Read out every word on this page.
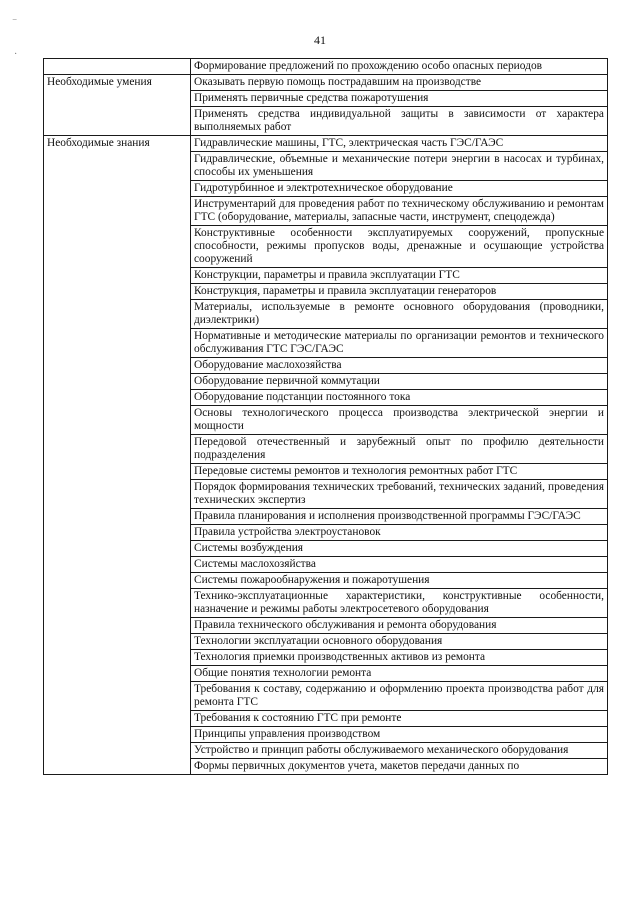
⁻
·
41
	Формирование предложений по прохождению особо опасных периодов
Необходимые умения	Оказывать первую помощь пострадавшим на производстве
	Применять первичные средства пожаротушения
	Применять средства индивидуальной защиты в зависимости от характера выполняемых работ
Необходимые знания	Гидравлические машины, ГТС, электрическая часть ГЭС/ГАЭС
	Гидравлические, объемные и механические потери энергии в насосах и турбинах, способы их уменьшения
	Гидротурбинное и электротехническое оборудование
	Инструментарий для проведения работ по техническому обслуживанию и ремонтам ГТС (оборудование, материалы, запасные части, инструмент, спецодежда)
	Конструктивные особенности эксплуатируемых сооружений, пропускные способности, режимы пропусков воды, дренажные и осушающие устройства сооружений
	Конструкции, параметры и правила эксплуатации ГТС
	Конструкция, параметры и правила эксплуатации генераторов
	Материалы, используемые в ремонте основного оборудования (проводники, диэлектрики)
	Нормативные и методические материалы по организации ремонтов и технического обслуживания ГТС ГЭС/ГАЭС
	Оборудование маслохозяйства
	Оборудование первичной коммутации
	Оборудование подстанции постоянного тока
	Основы технологического процесса производства электрической энергии и мощности
	Передовой отечественный и зарубежный опыт по профилю деятельности подразделения
	Передовые системы ремонтов и технология ремонтных работ ГТС
	Порядок формирования технических требований, технических заданий, проведения технических экспертиз
	Правила планирования и исполнения производственной программы ГЭС/ГАЭС
	Правила устройства электроустановок
	Системы возбуждения
	Системы маслохозяйства
	Системы пожарообнаружения и пожаротушения
	Технико-эксплуатационные характеристики, конструктивные особенности, назначение и режимы работы электросетевого оборудования
	Правила технического обслуживания и ремонта оборудования
	Технологии эксплуатации основного оборудования
	Технология приемки производственных активов из ремонта
	Общие понятия технологии ремонта
	Требования к составу, содержанию и оформлению проекта производства работ для ремонта ГТС
	Требования к состоянию ГТС при ремонте
	Принципы управления производством
	Устройство и принцип работы обслуживаемого механического оборудования
	Формы первичных документов учета, макетов передачи данных по
